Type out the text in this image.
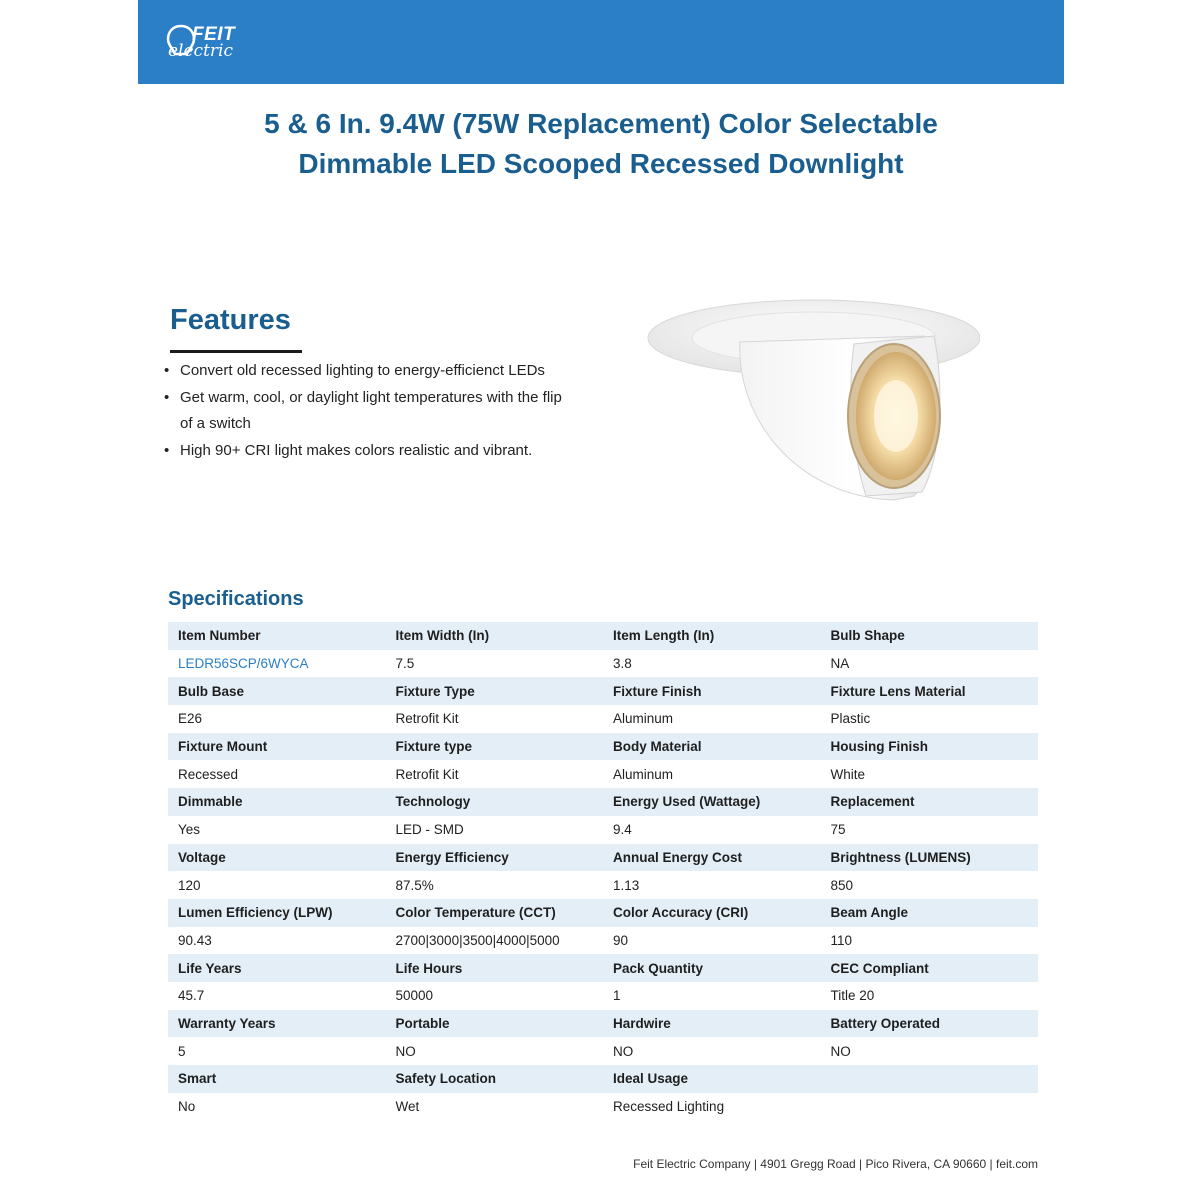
FEIT
electric
5 & 6 In. 9.4W (75W Replacement) Color Selectable
Dimmable LED Scooped Recessed Downlight
Features
• Convert old recessed lighting to energy-efficienct LEDs
• Get warm, cool, or daylight light temperatures with the flip of a switch
• High 90+ CRI light makes colors realistic and vibrant.
Specifications
Item Number	Item Width (In)	Item Length (In)	Bulb Shape
LEDR56SCP/6WYCA	7.5	3.8	NA
Bulb Base	Fixture Type	Fixture Finish	Fixture Lens Material
E26	Retrofit Kit	Aluminum	Plastic
Fixture Mount	Fixture type	Body Material	Housing Finish
Recessed	Retrofit Kit	Aluminum	White
Dimmable	Technology	Energy Used (Wattage)	Replacement
Yes	LED - SMD	9.4	75
Voltage	Energy Efficiency	Annual Energy Cost	Brightness (LUMENS)
120	87.5%	1.13	850
Lumen Efficiency (LPW)	Color Temperature (CCT)	Color Accuracy (CRI)	Beam Angle
90.43	2700|3000|3500|4000|5000	90	110
Life Years	Life Hours	Pack Quantity	CEC Compliant
45.7	50000	1	Title 20
Warranty Years	Portable	Hardwire	Battery Operated
5	NO	NO	NO
Smart	Safety Location	Ideal Usage	
No	Wet	Recessed Lighting	
Feit Electric Company | 4901 Gregg Road | Pico Rivera, CA 90660 | feit.com
